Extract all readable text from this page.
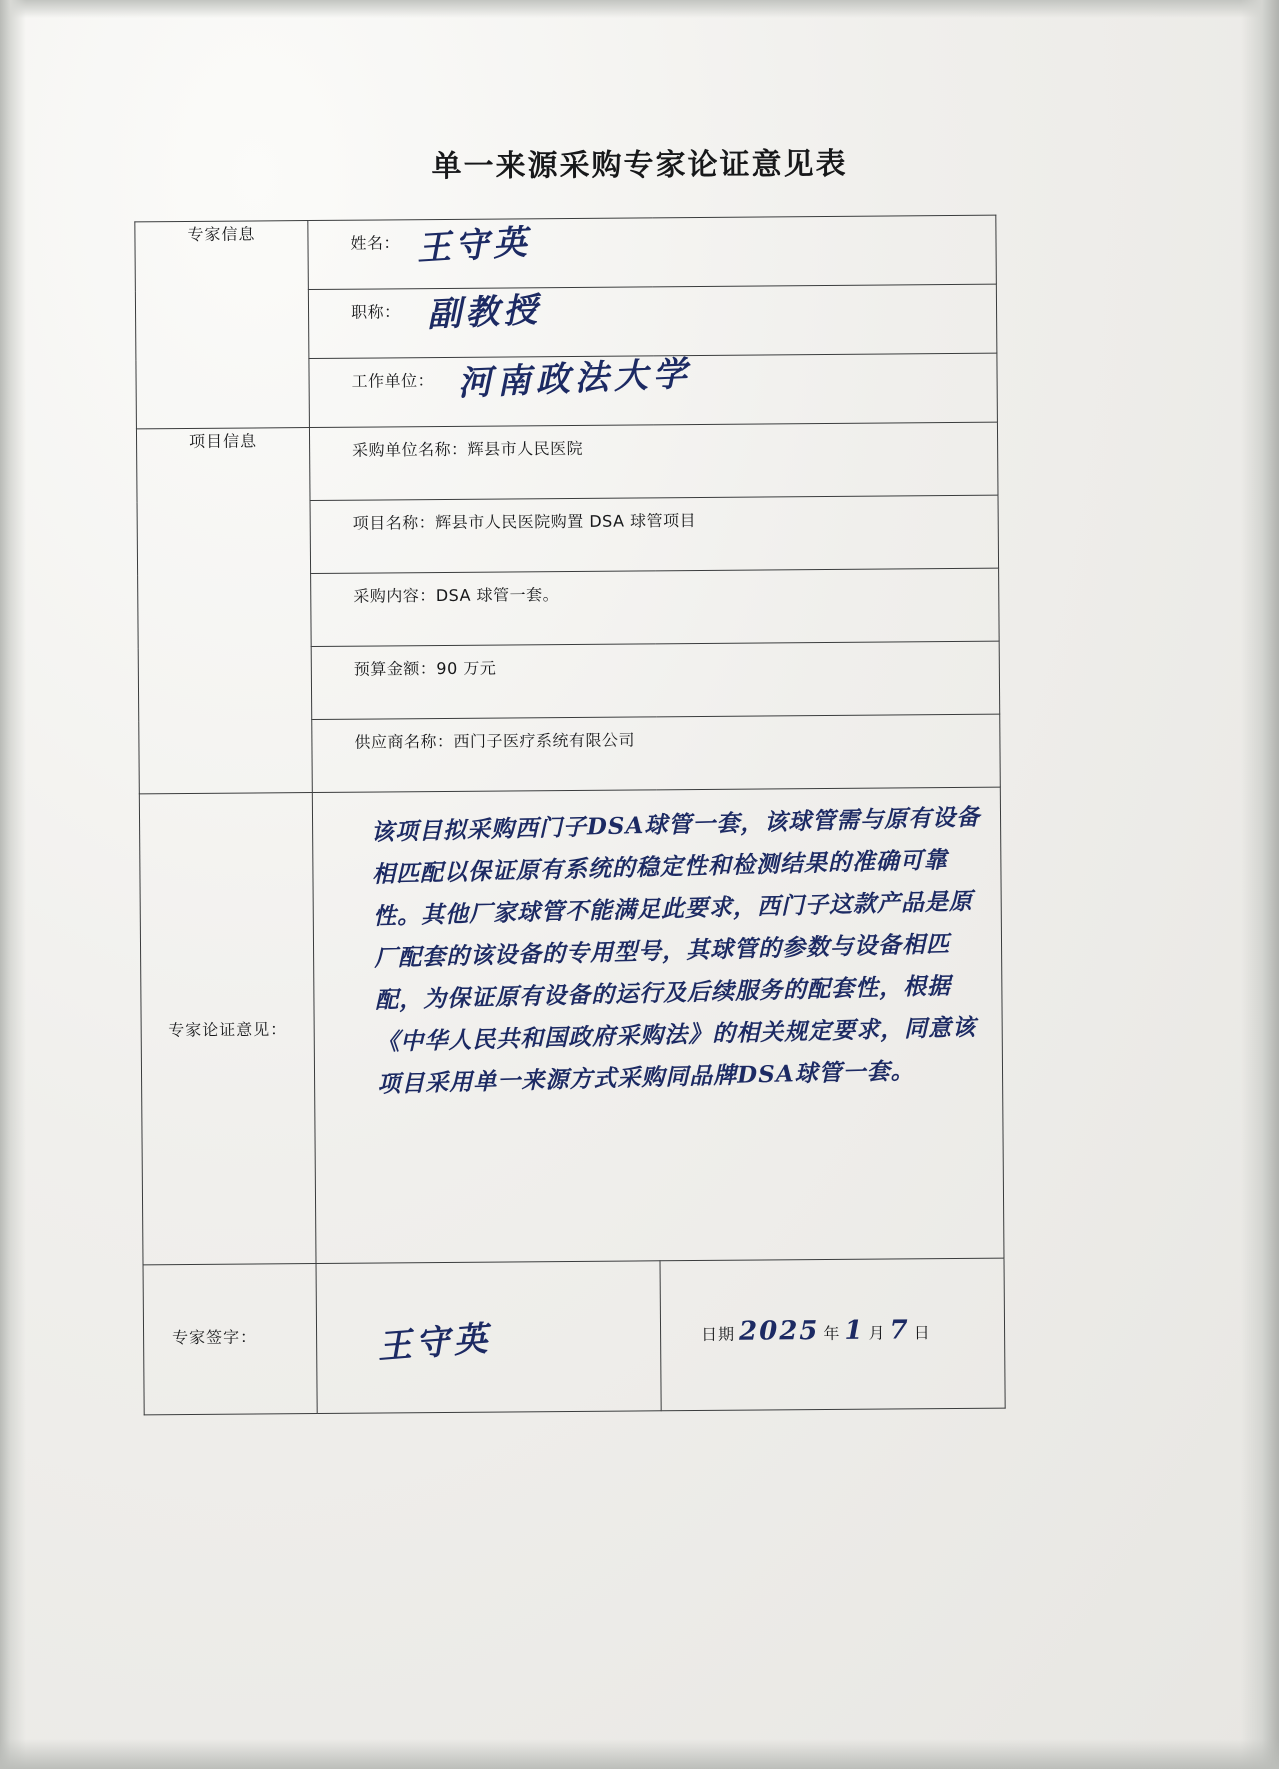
单一来源采购专家论证意见表
专家信息	姓名： 王守英	

	职称： 副教授	

	工作单位： 河南政法大学	

项目信息	采购单位名称：辉县市人民医院	

	项目名称：辉县市人民医院购置 DSA 球管项目	

	采购内容：DSA 球管一套。	

	预算金额：90 万元	

	供应商名称：西门子医疗系统有限公司	

专家论证意见：	该项目拟采购西门子DSA球管一套，该球管需与原有设备相匹配以保证原有系统的稳定性和检测结果的准确可靠性。其他厂家球管不能满足此要求，西门子这款产品是原厂配套的该设备的专用型号，其球管的参数与设备相匹配，为保证原有设备的运行及后续服务的配套性，根据《中华人民共和国政府采购法》的相关规定要求，同意该项目采用单一来源方式采购同品牌DSA球管一套。	

专家签字：	王守英	日期 2025 年 1 月 7 日
